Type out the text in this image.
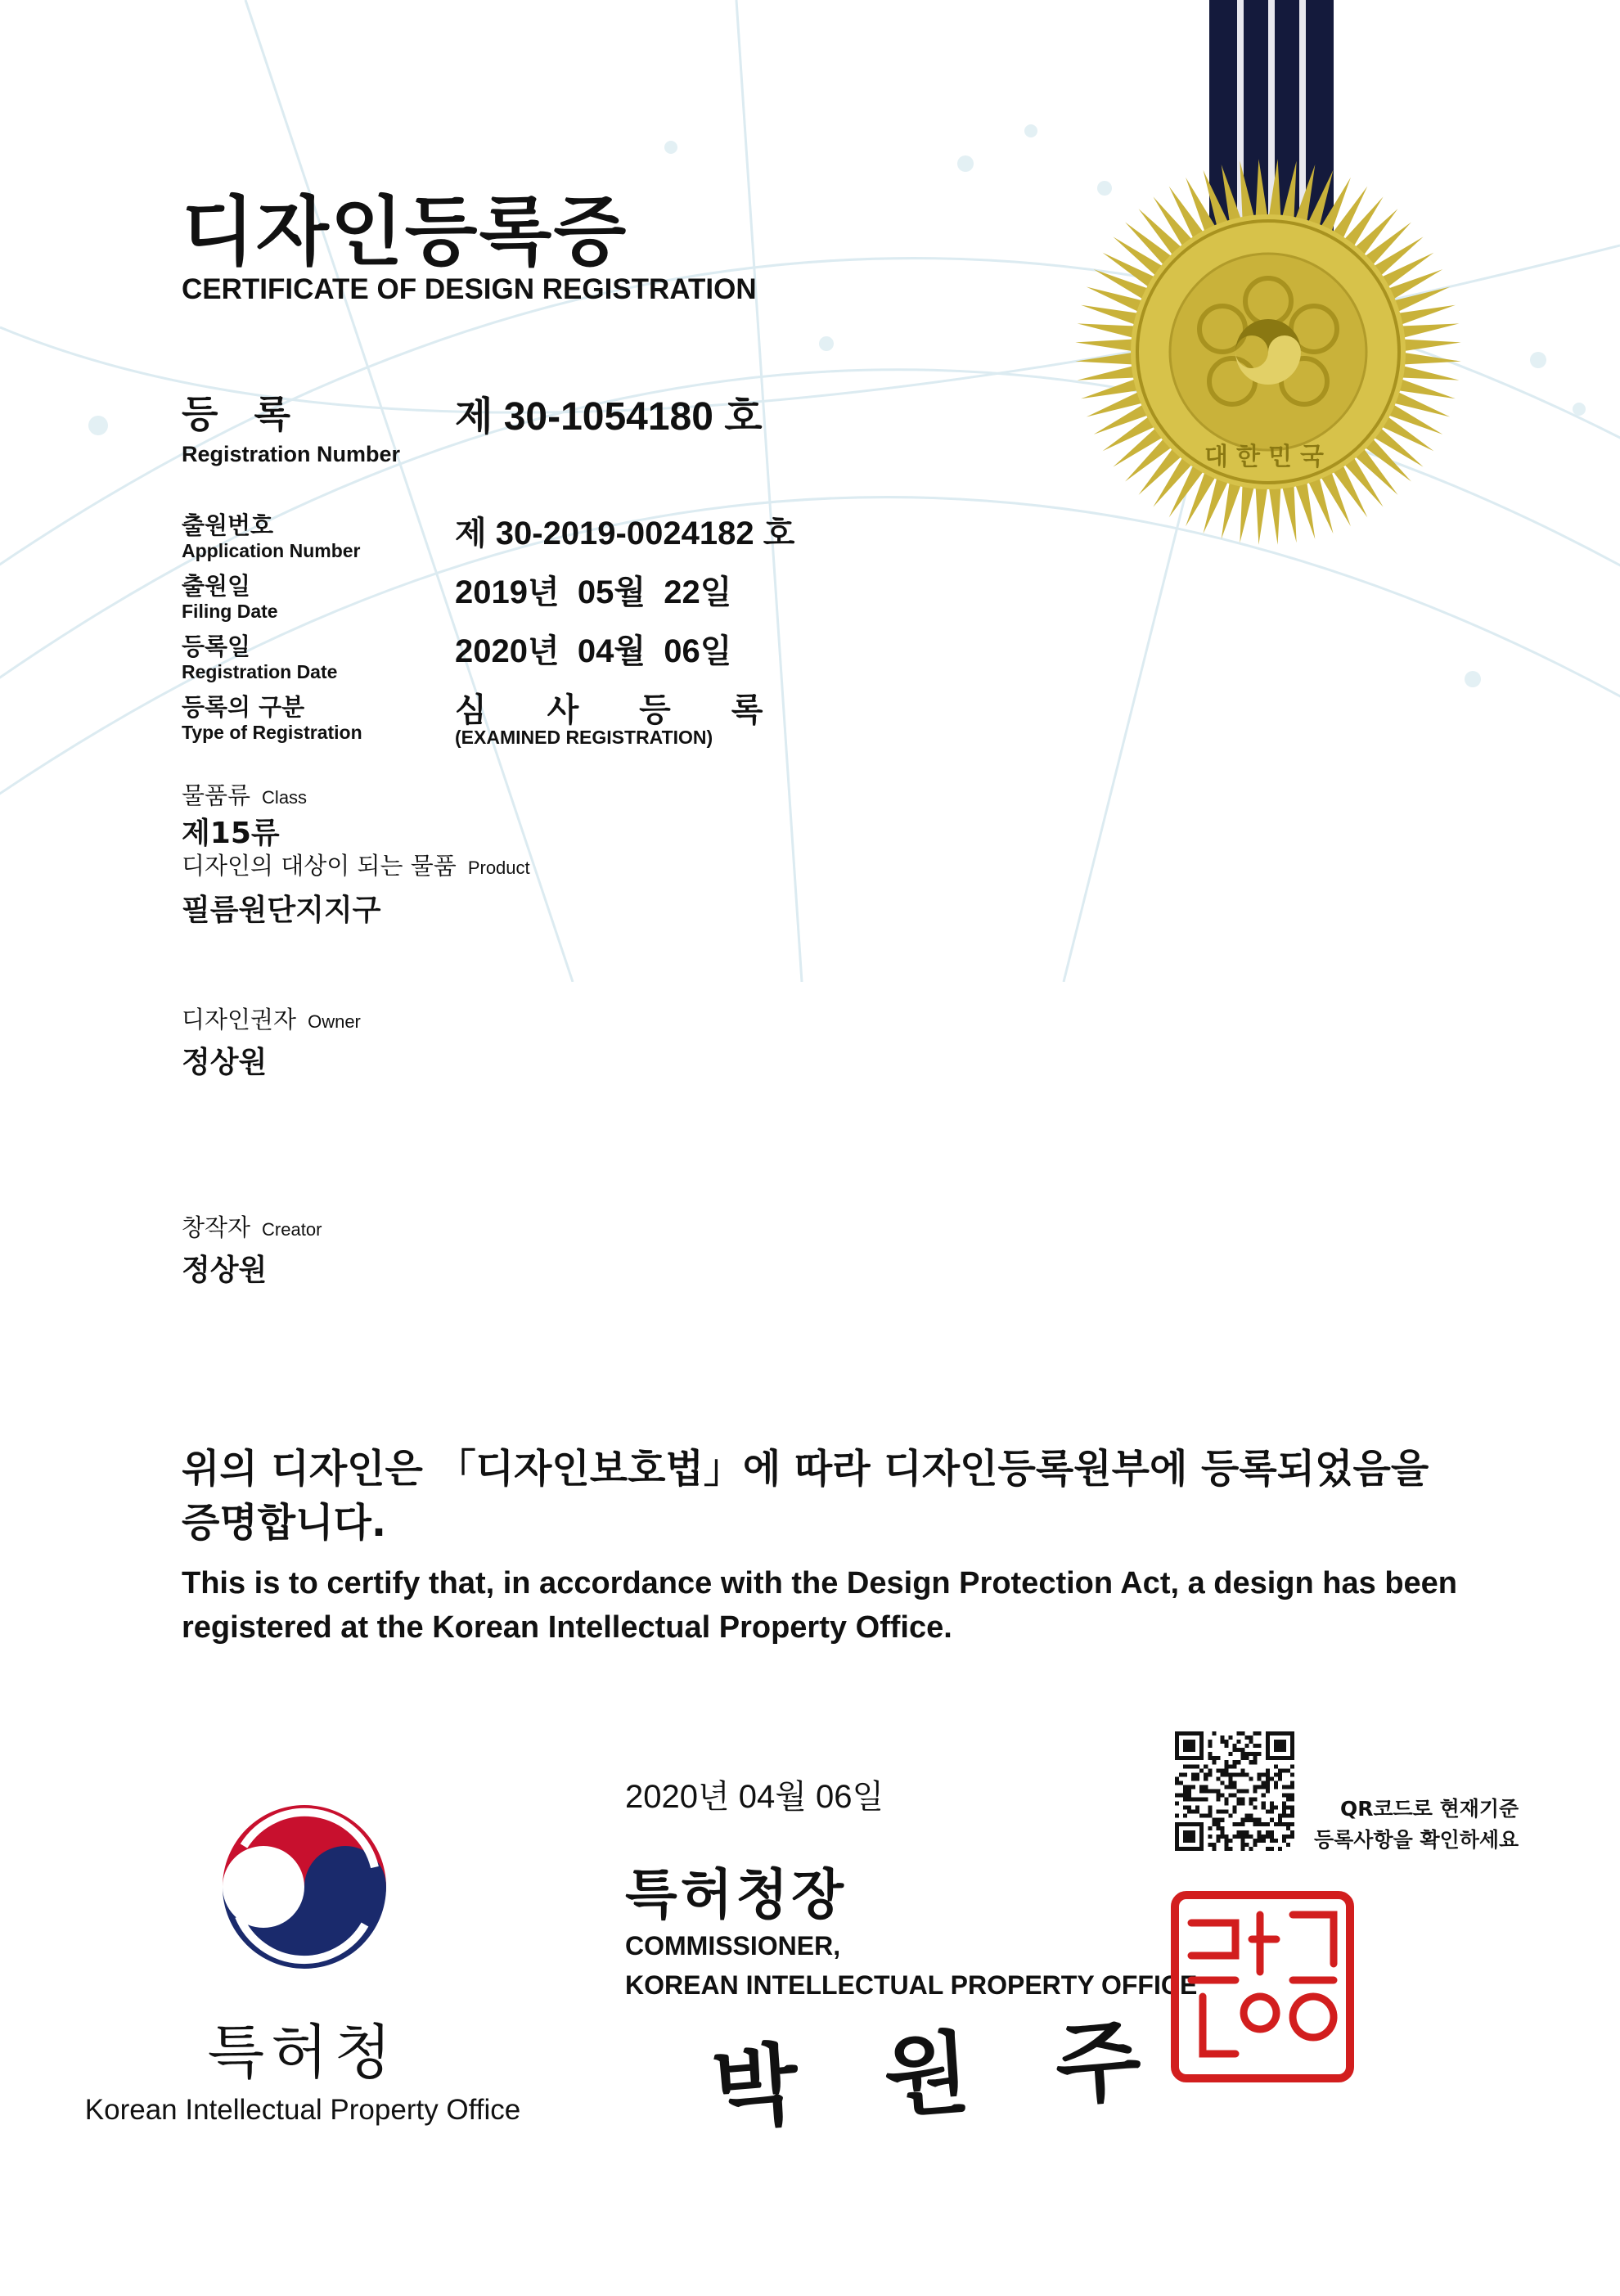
대한민국
디자인등록증
CERTIFICATE OF DESIGN REGISTRATION
등 록
Registration Number
제 30-1054180 호
출원번호
Application Number	제 30-2019-0024182 호
출원일
Filing Date
2019년  05월  22일
등록일
Registration Date
2020년  04월  06일
등록의 구분
Type of Registration
심 사 등 록
(EXAMINED REGISTRATION)
물품류 Class
제15류
디자인의 대상이 되는 물품 Product
필름원단지지구
디자인권자 Owner
정상원
창작자 Creator
정상원
위의 디자인은 「디자인보호법」에 따라 디자인등록원부에 등록되었음을 증명합니다.
This is to certify that, in accordance with the Design Protection Act, a design has been registered at the Korean Intellectual Property Office.
2020년 04월 06일
특허청장
COMMISSIONER,
KOREAN INTELLECTUAL PROPERTY OFFICE
박 원 주
QR코드로 현재기준
등록사항을 확인하세요
특허청
Korean Intellectual Property Office
